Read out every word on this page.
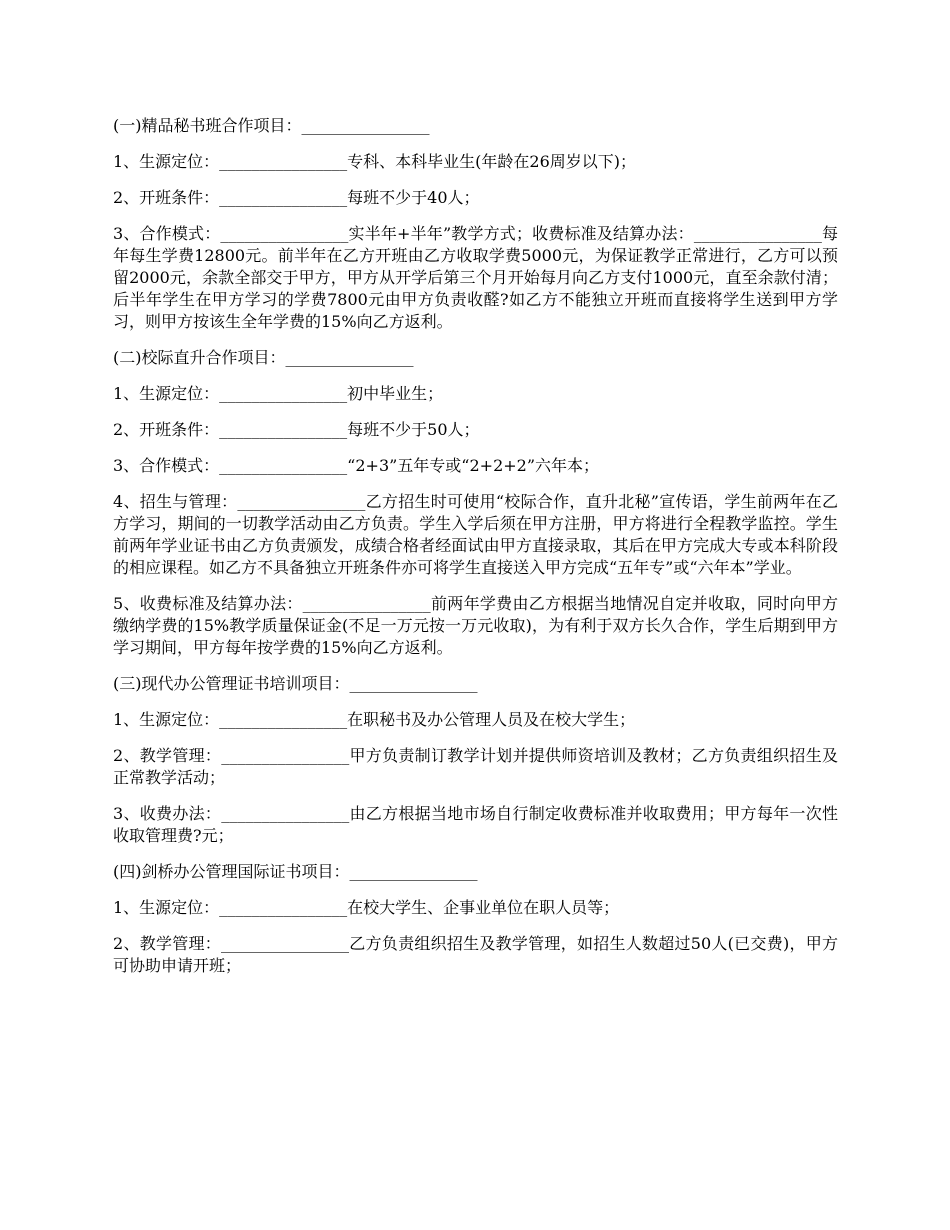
(一)精品秘书班合作项目：________________

1、生源定位：________________专科、本科毕业生(年龄在26周岁以下)；

2、开班条件：________________每班不少于40人；

3、合作模式：________________实半年+半年”教学方式；收费标准及结算办法：________________每年每生学费12800元。前半年在乙方开班由乙方收取学费5000元，为保证教学正常进行，乙方可以预留2000元，余款全部交于甲方，甲方从开学后第三个月开始每月向乙方支付1000元，直至余款付清；后半年学生在甲方学习的学费7800元由甲方负责收醛?如乙方不能独立开班而直接将学生送到甲方学习，则甲方按该生全年学费的15%向乙方返利。

(二)校际直升合作项目：________________

1、生源定位：________________初中毕业生；

2、开班条件：________________每班不少于50人；

3、合作模式：________________“2+3”五年专或“2+2+2”六年本；

4、招生与管理：________________乙方招生时可使用“校际合作，直升北秘”宣传语，学生前两年在乙方学习，期间的一切教学活动由乙方负责。学生入学后须在甲方注册，甲方将进行全程教学监控。学生前两年学业证书由乙方负责颁发，成绩合格者经面试由甲方直接录取，其后在甲方完成大专或本科阶段的相应课程。如乙方不具备独立开班条件亦可将学生直接送入甲方完成“五年专”或“六年本”学业。

5、收费标准及结算办法：________________前两年学费由乙方根据当地情况自定并收取，同时向甲方缴纳学费的15%教学质量保证金(不足一万元按一万元收取)，为有利于双方长久合作，学生后期到甲方学习期间，甲方每年按学费的15%向乙方返利。

(三)现代办公管理证书培训项目：________________

1、生源定位：________________在职秘书及办公管理人员及在校大学生；

2、教学管理：________________甲方负责制订教学计划并提供师资培训及教材；乙方负责组织招生及正常教学活动；

3、收费办法：________________由乙方根据当地市场自行制定收费标准并收取费用；甲方每年一次性收取管理费?元；

(四)剑桥办公管理国际证书项目：________________

1、生源定位：________________在校大学生、企事业单位在职人员等；

2、教学管理：________________乙方负责组织招生及教学管理，如招生人数超过50人(已交费)，甲方可协助申请开班；
